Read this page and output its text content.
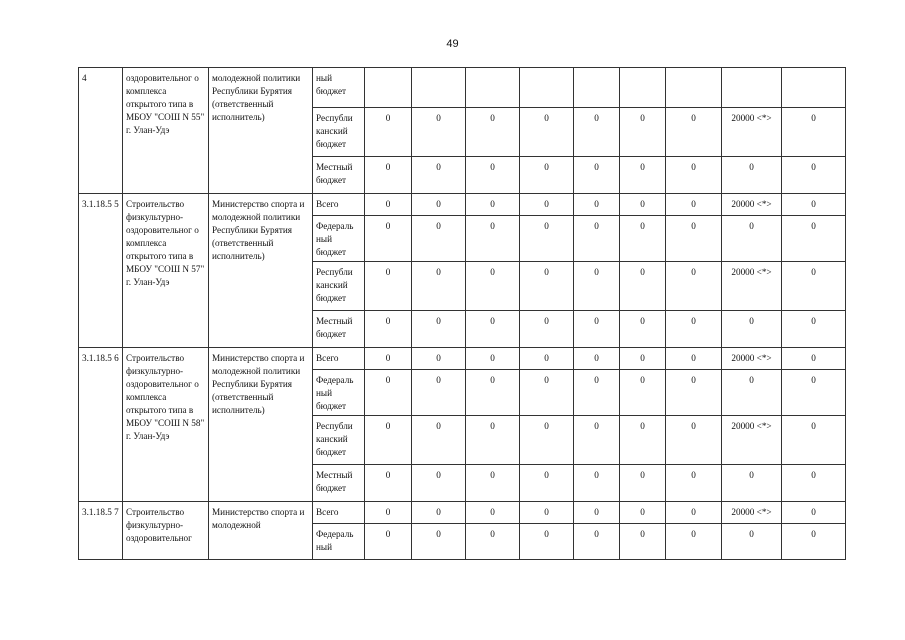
49
4	оздоровительног о комплекса открытого типа в МБОУ "СОШ N 55" г. Улан-Удэ	молодежной политики Республики Бурятия (ответственный исполнитель)	ный бюджет									
			Республи канский бюджет	0	0	0	0	0	0	0	20000 <*>	0
			Местный бюджет	0	0	0	0	0	0	0	0	0
3.1.18.5 5	Строительство физкультурно-оздоровительног о комплекса открытого типа в МБОУ "СОШ N 57" г. Улан-Удэ	Министерство спорта и молодежной политики Республики Бурятия (ответственный исполнитель)	Всего	0	0	0	0	0	0	0	20000 <*>	0
			Федераль ный бюджет	0	0	0	0	0	0	0	0	0
			Республи канский бюджет	0	0	0	0	0	0	0	20000 <*>	0
			Местный бюджет	0	0	0	0	0	0	0	0	0
3.1.18.5 6	Строительство физкультурно-оздоровительног о комплекса открытого типа в МБОУ "СОШ N 58" г. Улан-Удэ	Министерство спорта и молодежной политики Республики Бурятия (ответственный исполнитель)	Всего	0	0	0	0	0	0	0	20000 <*>	0
			Федераль ный бюджет	0	0	0	0	0	0	0	0	0
			Республи канский бюджет	0	0	0	0	0	0	0	20000 <*>	0
			Местный бюджет	0	0	0	0	0	0	0	0	0
3.1.18.5 7	Строительство физкультурно-оздоровительног	Министерство спорта и молодежной	Всего	0	0	0	0	0	0	0	20000 <*>	0
			Федераль ный	0	0	0	0	0	0	0	0	0
